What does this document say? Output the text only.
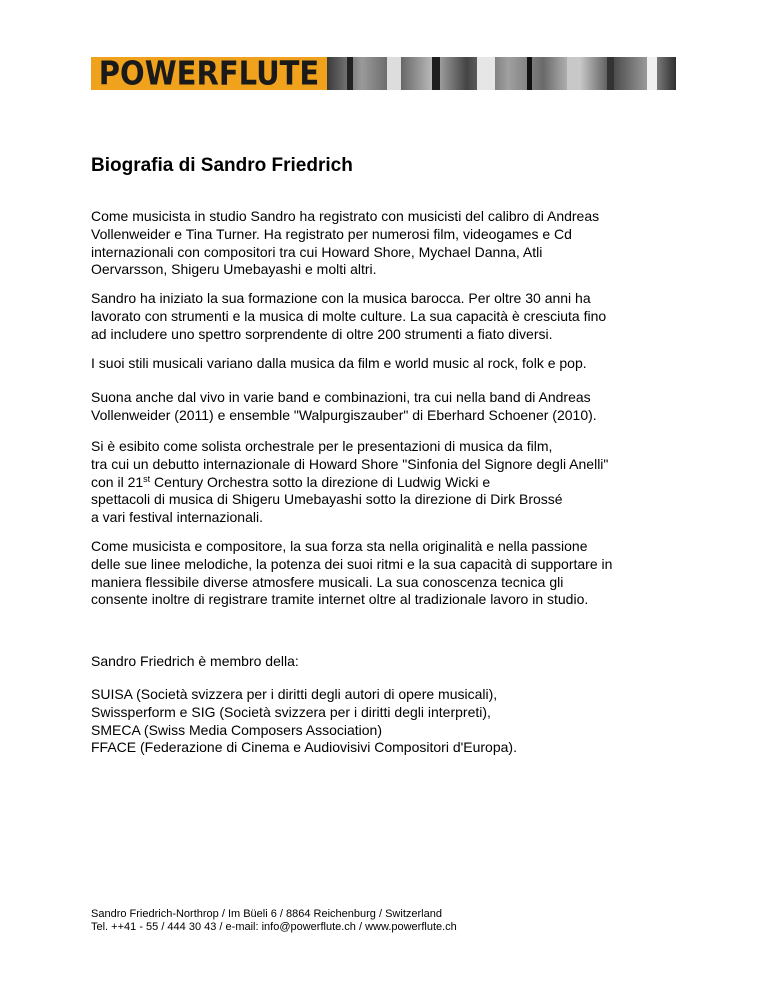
POWERFLUTE
Biografia di Sandro Friedrich

Come musicista in studio Sandro ha registrato con musicisti del calibro di Andreas
Vollenweider e Tina Turner. Ha registrato per numerosi film, videogames e Cd
internazionali con compositori tra cui Howard Shore, Mychael Danna, Atli
Oervarsson, Shigeru Umebayashi e molti altri.

Sandro ha iniziato la sua formazione con la musica barocca. Per oltre 30 anni ha
lavorato con strumenti e la musica di molte culture. La sua capacità è cresciuta fino
ad includere uno spettro sorprendente di oltre 200 strumenti a fiato diversi.

I suoi stili musicali variano dalla musica da film e world music al rock, folk e pop.

Suona anche dal vivo in varie band e combinazioni, tra cui nella band di Andreas
Vollenweider (2011) e ensemble "Walpurgiszauber" di Eberhard Schoener (2010).

Si è esibito come solista orchestrale per le presentazioni di musica da film,
tra cui un debutto internazionale di Howard Shore "Sinfonia del Signore degli Anelli"
con il 21st Century Orchestra sotto la direzione di Ludwig Wicki e
spettacoli di musica di Shigeru Umebayashi sotto la direzione di Dirk Brossé
a vari festival internazionali.

Come musicista e compositore, la sua forza sta nella originalità e nella passione
delle sue linee melodiche, la potenza dei suoi ritmi e la sua capacità di supportare in
maniera flessibile diverse atmosfere musicali. La sua conoscenza tecnica gli
consente inoltre di registrare tramite internet oltre al tradizionale lavoro in studio.

Sandro Friedrich è membro della:

SUISA (Società svizzera per i diritti degli autori di opere musicali),
Swissperform e SIG (Società svizzera per i diritti degli interpreti),
SMECA (Swiss Media Composers Association)
FFACE (Federazione di Cinema e Audiovisivi Compositori d'Europa).

Sandro Friedrich-Northrop / Im Büeli 6 / 8864 Reichenburg / Switzerland
Tel. ++41 - 55 / 444 30 43 / e-mail: info@powerflute.ch / www.powerflute.ch
